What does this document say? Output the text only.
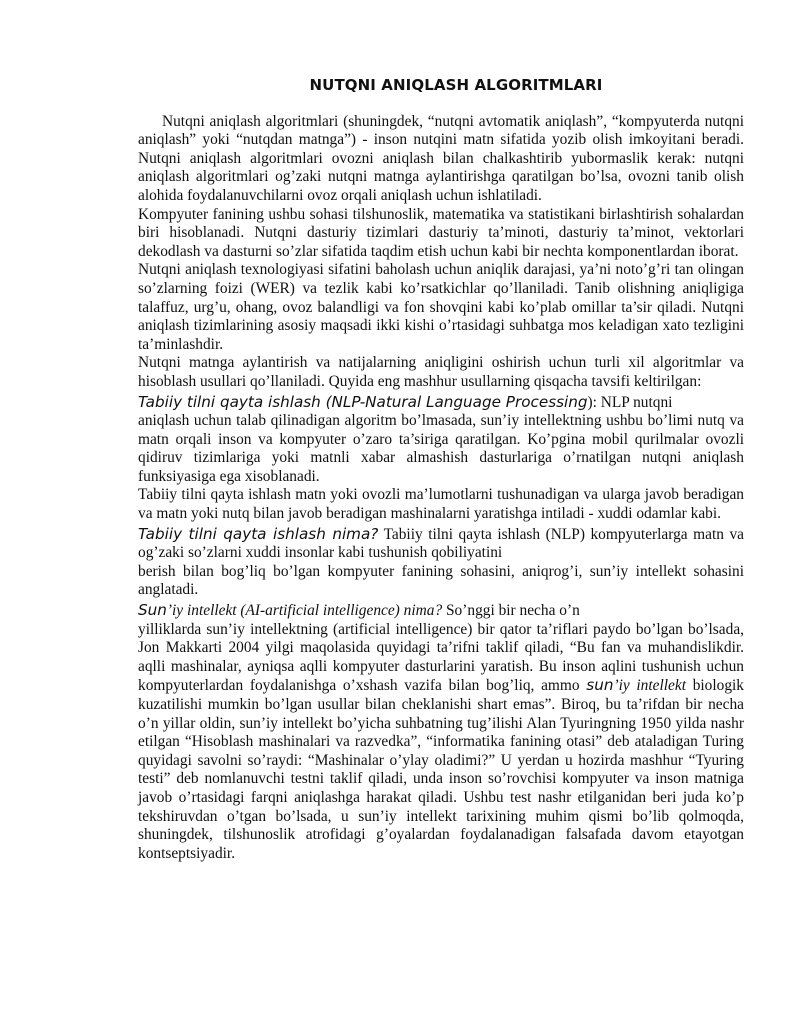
NUTQNI ANIQLASH ALGORITMLARI

Nutqni aniqlash algoritmlari (shuningdek, “nutqni avtomatik aniqlash”, “kompyuterda nutqni aniqlash” yoki “nutqdan matnga”) - inson nutqini matn sifatida yozib olish imkoyitani beradi. Nutqni aniqlash algoritmlari ovozni aniqlash bilan chalkashtirib yubormaslik kerak: nutqni aniqlash algoritmlari og’zaki nutqni matnga aylantirishga qaratilgan bo’lsa, ovozni tanib olish alohida foydalanuvchilarni ovoz orqali aniqlash uchun ishlatiladi.

Kompyuter fanining ushbu sohasi tilshunoslik, matematika va statistikani birlashtirish sohalardan biri hisoblanadi. Nutqni dasturiy tizimlari dasturiy ta’minoti, dasturiy ta’minot, vektorlari dekodlash va dasturni so’zlar sifatida taqdim etish uchun kabi bir nechta komponentlardan iborat.

Nutqni aniqlash texnologiyasi sifatini baholash uchun aniqlik darajasi, ya’ni noto’g’ri tan olingan so’zlarning foizi (WER) va tezlik kabi ko’rsatkichlar qo’llaniladi. Tanib olishning aniqligiga talaffuz, urg’u, ohang, ovoz balandligi va fon shovqini kabi ko’plab omillar ta’sir qiladi. Nutqni aniqlash tizimlarining asosiy maqsadi ikki kishi o’rtasidagi suhbatga mos keladigan xato tezligini ta’minlashdir.

Nutqni matnga aylantirish va natijalarning aniqligini oshirish uchun turli xil algoritmlar va hisoblash usullari qo’llaniladi. Quyida eng mashhur usullarning qisqacha tavsifi keltirilgan:

Tabiiy tilni qayta ishlash (NLP-Natural Language Processing): NLP nutqni

aniqlash uchun talab qilinadigan algoritm bo’lmasada, sun’iy intellektning ushbu bo’limi nutq va matn orqali inson va kompyuter o’zaro ta’siriga qaratilgan. Ko’pgina mobil qurilmalar ovozli qidiruv tizimlariga yoki matnli xabar almashish dasturlariga o’rnatilgan nutqni aniqlash funksiyasiga ega xisoblanadi.

Tabiiy tilni qayta ishlash matn yoki ovozli ma’lumotlarni tushunadigan va ularga javob beradigan va matn yoki nutq bilan javob beradigan mashinalarni yaratishga intiladi - xuddi odamlar kabi.

Tabiiy tilni qayta ishlash nima? Tabiiy tilni qayta ishlash (NLP) kompyuterlarga matn va og’zaki so’zlarni xuddi insonlar kabi tushunish qobiliyatini

berish bilan bog’liq bo’lgan kompyuter fanining sohasini, aniqrog’i, sun’iy intellekt sohasini anglatadi.

Sun’iy intellekt (AI-artificial intelligence) nima? So’nggi bir necha o’n

yilliklarda sun’iy intellektning (artificial intelligence) bir qator ta’riflari paydo bo’lgan bo’lsada, Jon Makkarti 2004 yilgi maqolasida quyidagi ta’rifni taklif qiladi, “Bu fan va muhandislikdir. aqlli mashinalar, ayniqsa aqlli kompyuter dasturlarini yaratish. Bu inson aqlini tushunish uchun kompyuterlardan foydalanishga o’xshash vazifa bilan bog’liq, ammo sun’iy intellekt biologik kuzatilishi mumkin bo’lgan usullar bilan cheklanishi shart emas”. Biroq, bu ta’rifdan bir necha o’n yillar oldin, sun’iy intellekt bo’yicha suhbatning tug’ilishi Alan Tyuringning 1950 yilda nashr etilgan “Hisoblash mashinalari va razvedka”, “informatika fanining otasi” deb ataladigan Turing quyidagi savolni so’raydi: “Mashinalar o’ylay oladimi?” U yerdan u hozirda mashhur “Tyuring testi” deb nomlanuvchi testni taklif qiladi, unda inson so’rovchisi kompyuter va inson matniga javob o’rtasidagi farqni aniqlashga harakat qiladi. Ushbu test nashr etilganidan beri juda ko’p tekshiruvdan o’tgan bo’lsada, u sun’iy intellekt tarixining muhim qismi bo’lib qolmoqda, shuningdek, tilshunoslik atrofidagi g’oyalardan foydalanadigan falsafada davom etayotgan kontseptsiyadir.
